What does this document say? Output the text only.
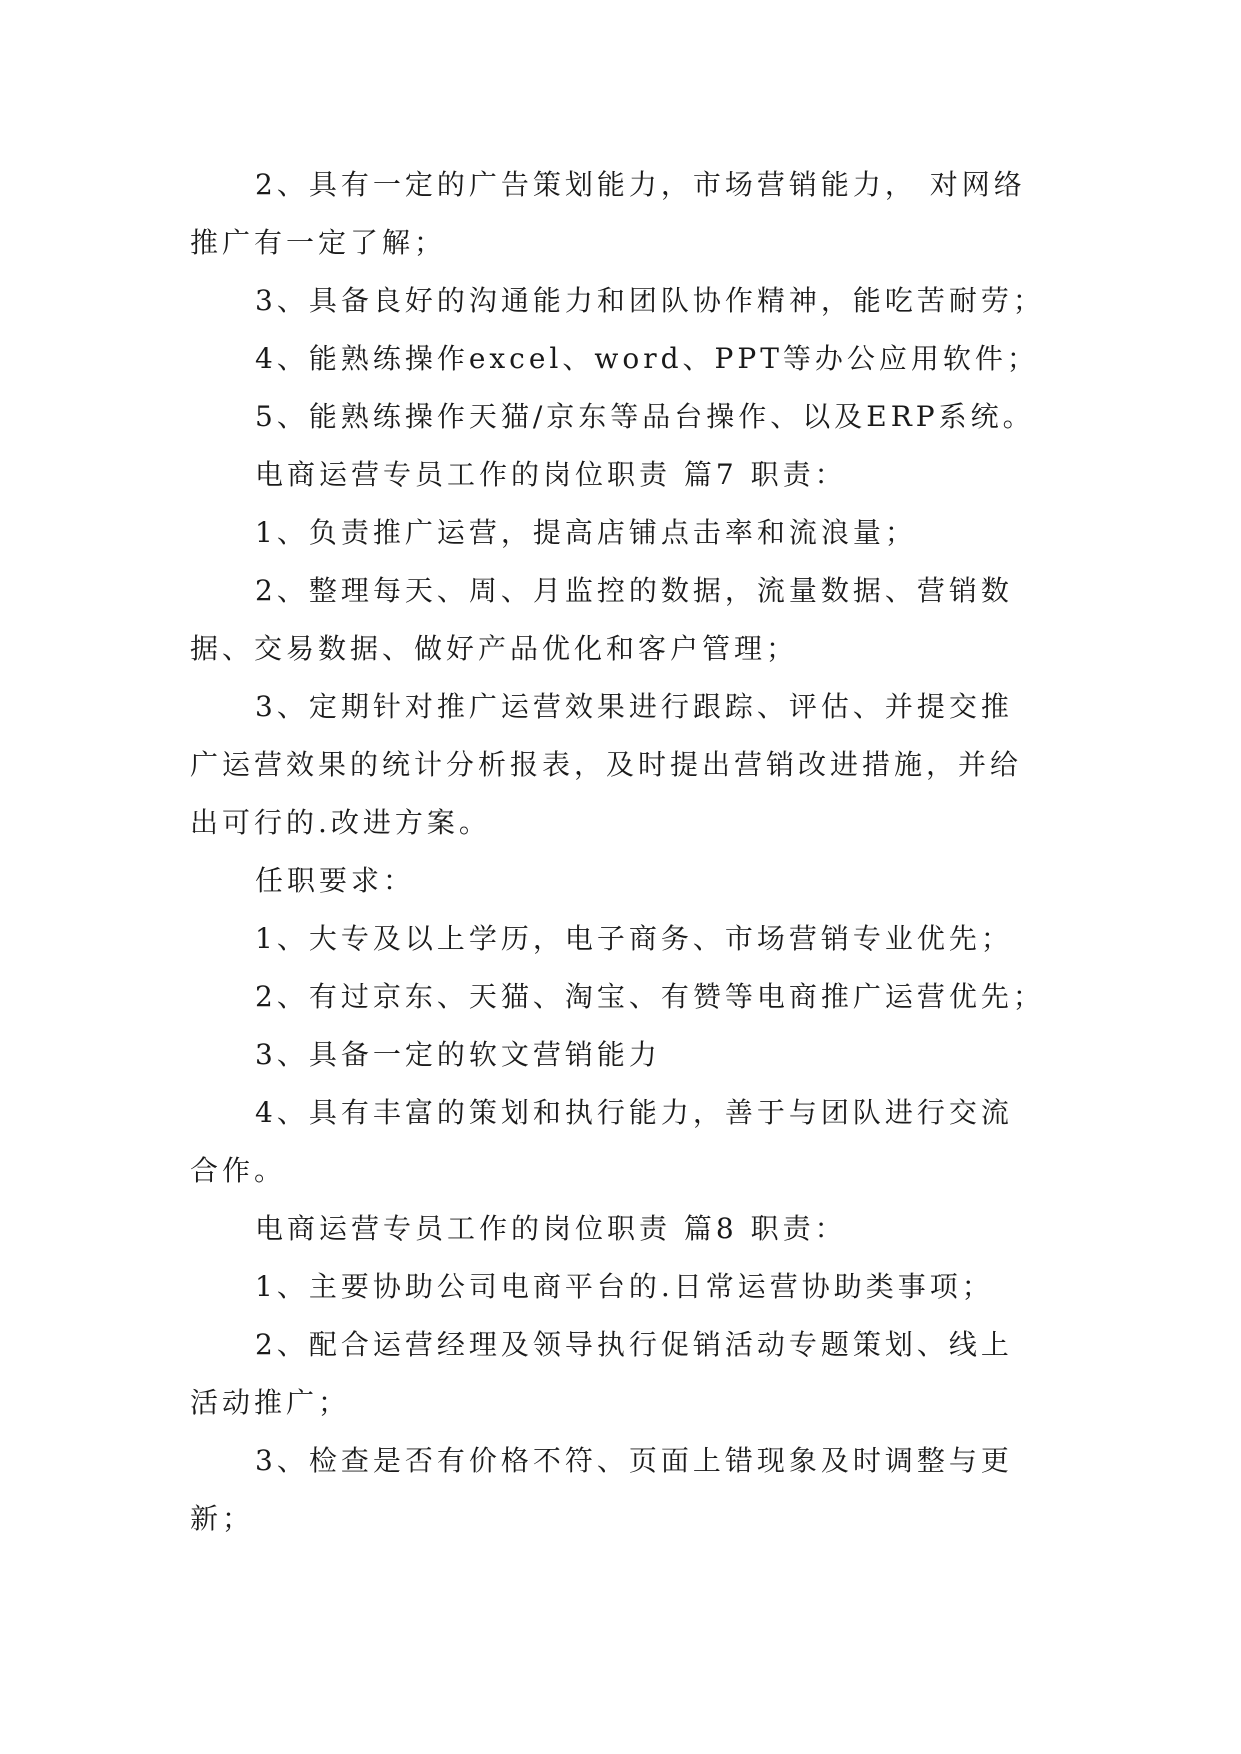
2、具有一定的广告策划能力，市场营销能力， 对网络
推广有一定了解；
3、具备良好的沟通能力和团队协作精神，能吃苦耐劳；
4、能熟练操作excel、word、PPT等办公应用软件；
5、能熟练操作天猫/京东等品台操作、以及ERP系统。
电商运营专员工作的岗位职责 篇7 职责：
1、负责推广运营，提高店铺点击率和流浪量；
2、整理每天、周、月监控的数据，流量数据、营销数
据、交易数据、做好产品优化和客户管理；
3、定期针对推广运营效果进行跟踪、评估、并提交推
广运营效果的统计分析报表，及时提出营销改进措施，并给
出可行的.改进方案。
任职要求：
1、大专及以上学历，电子商务、市场营销专业优先；
2、有过京东、天猫、淘宝、有赞等电商推广运营优先；
3、具备一定的软文营销能力
4、具有丰富的策划和执行能力，善于与团队进行交流
合作。
电商运营专员工作的岗位职责 篇8 职责：
1、主要协助公司电商平台的.日常运营协助类事项；
2、配合运营经理及领导执行促销活动专题策划、线上
活动推广；
3、检查是否有价格不符、页面上错现象及时调整与更
新；
